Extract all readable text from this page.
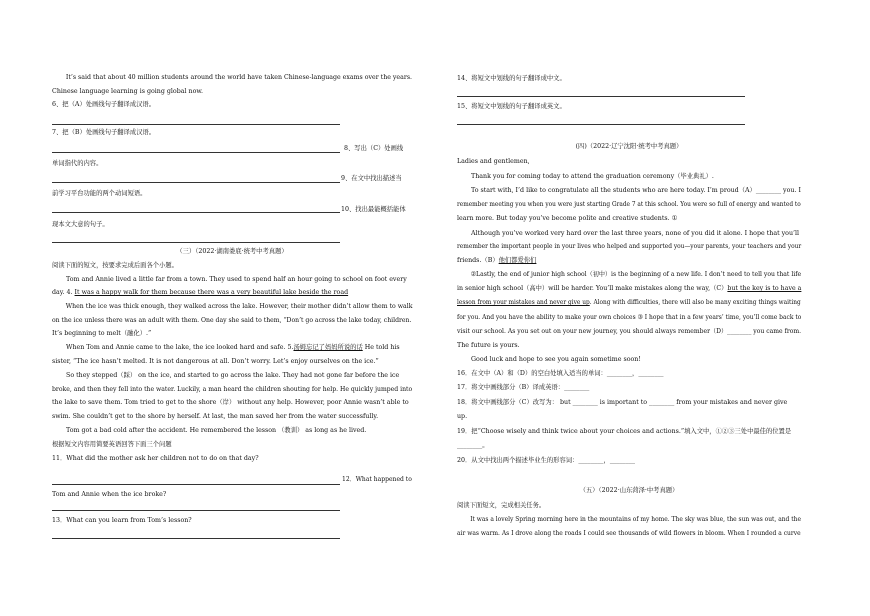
It’s said that about 40 million students around the world have taken Chinese-language exams over the years.
Chinese language learning is going global now.
6、把（A）处画线句子翻译成汉语。
7、把（B）处画线句子翻译成汉语。
8、写出（C）处画线
单词指代的内容。
9、在文中找出描述当
前学习平台功能的两个动词短语。
10、找出最能概括能体
现本文大意的句子。
（三）（2022·湖南娄底·统考中考真题）
阅读下面的短文，按要求完成后面各个小题。
Tom and Annie lived a little far from a town. They used to spend half an hour going to school on foot every
day. 4. It was a happy walk for them because there was a very beautiful lake beside the road
When the ice was thick enough, they walked across the lake. However, their mother didn’t allow them to walk
on the ice unless there was an adult with them. One day she said to them, “Don’t go across the lake today, children.
It’s beginning to melt（融化）.”
When Tom and Annie came to the lake, the ice looked hard and safe. 5.汤姆忘记了妈妈所说的话 He told his
sister, “The ice hasn’t melted. It is not dangerous at all. Don’t worry. Let’s enjoy ourselves on the ice.”
So they stepped（踩） on the ice, and started to go across the lake. They had not gone far before the ice
broke, and then they fell into the water. Luckily, a man heard the children shouting for help. He quickly jumped into
the lake to save them. Tom tried to get to the shore（岸） without any help. However, poor Annie wasn’t able to
swim. She couldn’t get to the shore by herself. At last, the man saved her from the water successfully.
Tom got a bad cold after the accident. He remembered the lesson （教训） as long as he lived.
根据短文内容用简要英语回答下面三个问题
11．What did the mother ask her children not to do on that day?
12．What happened to
Tom and Annie when the ice broke?
13．What can you learn from Tom’s lesson?
14、将短文中划线的句子翻译成中文。
15、将短文中划线的句子翻译成英文。
(四)（2022·辽宁沈阳·统考中考真题）
Ladies and gentlemen,
Thank you for coming today to attend the graduation ceremony（毕业典礼）.
To start with, I’d like to congratulate all the students who are here today. I’m proud（A）________ you. I
remember meeting you when you were just starting Grade 7 at this school. You were so full of energy and wanted to
learn more. But today you’ve become polite and creative students. ①
Although you’ve worked very hard over the last three years, none of you did it alone. I hope that you’ll
remember the important people in your lives who helped and supported you—your parents, your teachers and your
friends.（B）他们都爱你们
②Lastly, the end of junior high school（初中）is the beginning of a new life. I don’t need to tell you that life
in senior high school（高中）will be harder. You’ll make mistakes along the way,（C）but the key is to have a
lesson from your mistakes and never give up. Along with difficulties, there will also be many exciting things waiting
for you. And you have the ability to make your own choices ③ I hope that in a few years’ time, you’ll come back to
visit our school. As you set out on your new journey, you should always remember（D）________ you came from.
The future is yours.
Good luck and hope to see you again sometime soon!
16．在文中（A）和（D）的空白处填入适当的单词：________，________
17．将文中画线部分（B）译成英语：________
18．将文中画线部分（C）改写为： but ________ is important to ________ from your mistakes and never give
up.
19．把“Choose wisely and think twice about your choices and actions.”填入文中，①②③三处中最佳的位置是
________。
20．从文中找出两个描述毕业生的形容词：________，________
（五）（2022·山东菏泽·中考真题）
阅读下面短文，完成相关任务。
It was a lovely Spring morning here in the mountains of my home. The sky was blue, the sun was out, and the
air was warm. As I drove along the roads I could see thousands of wild flowers in bloom. When I rounded a curve
